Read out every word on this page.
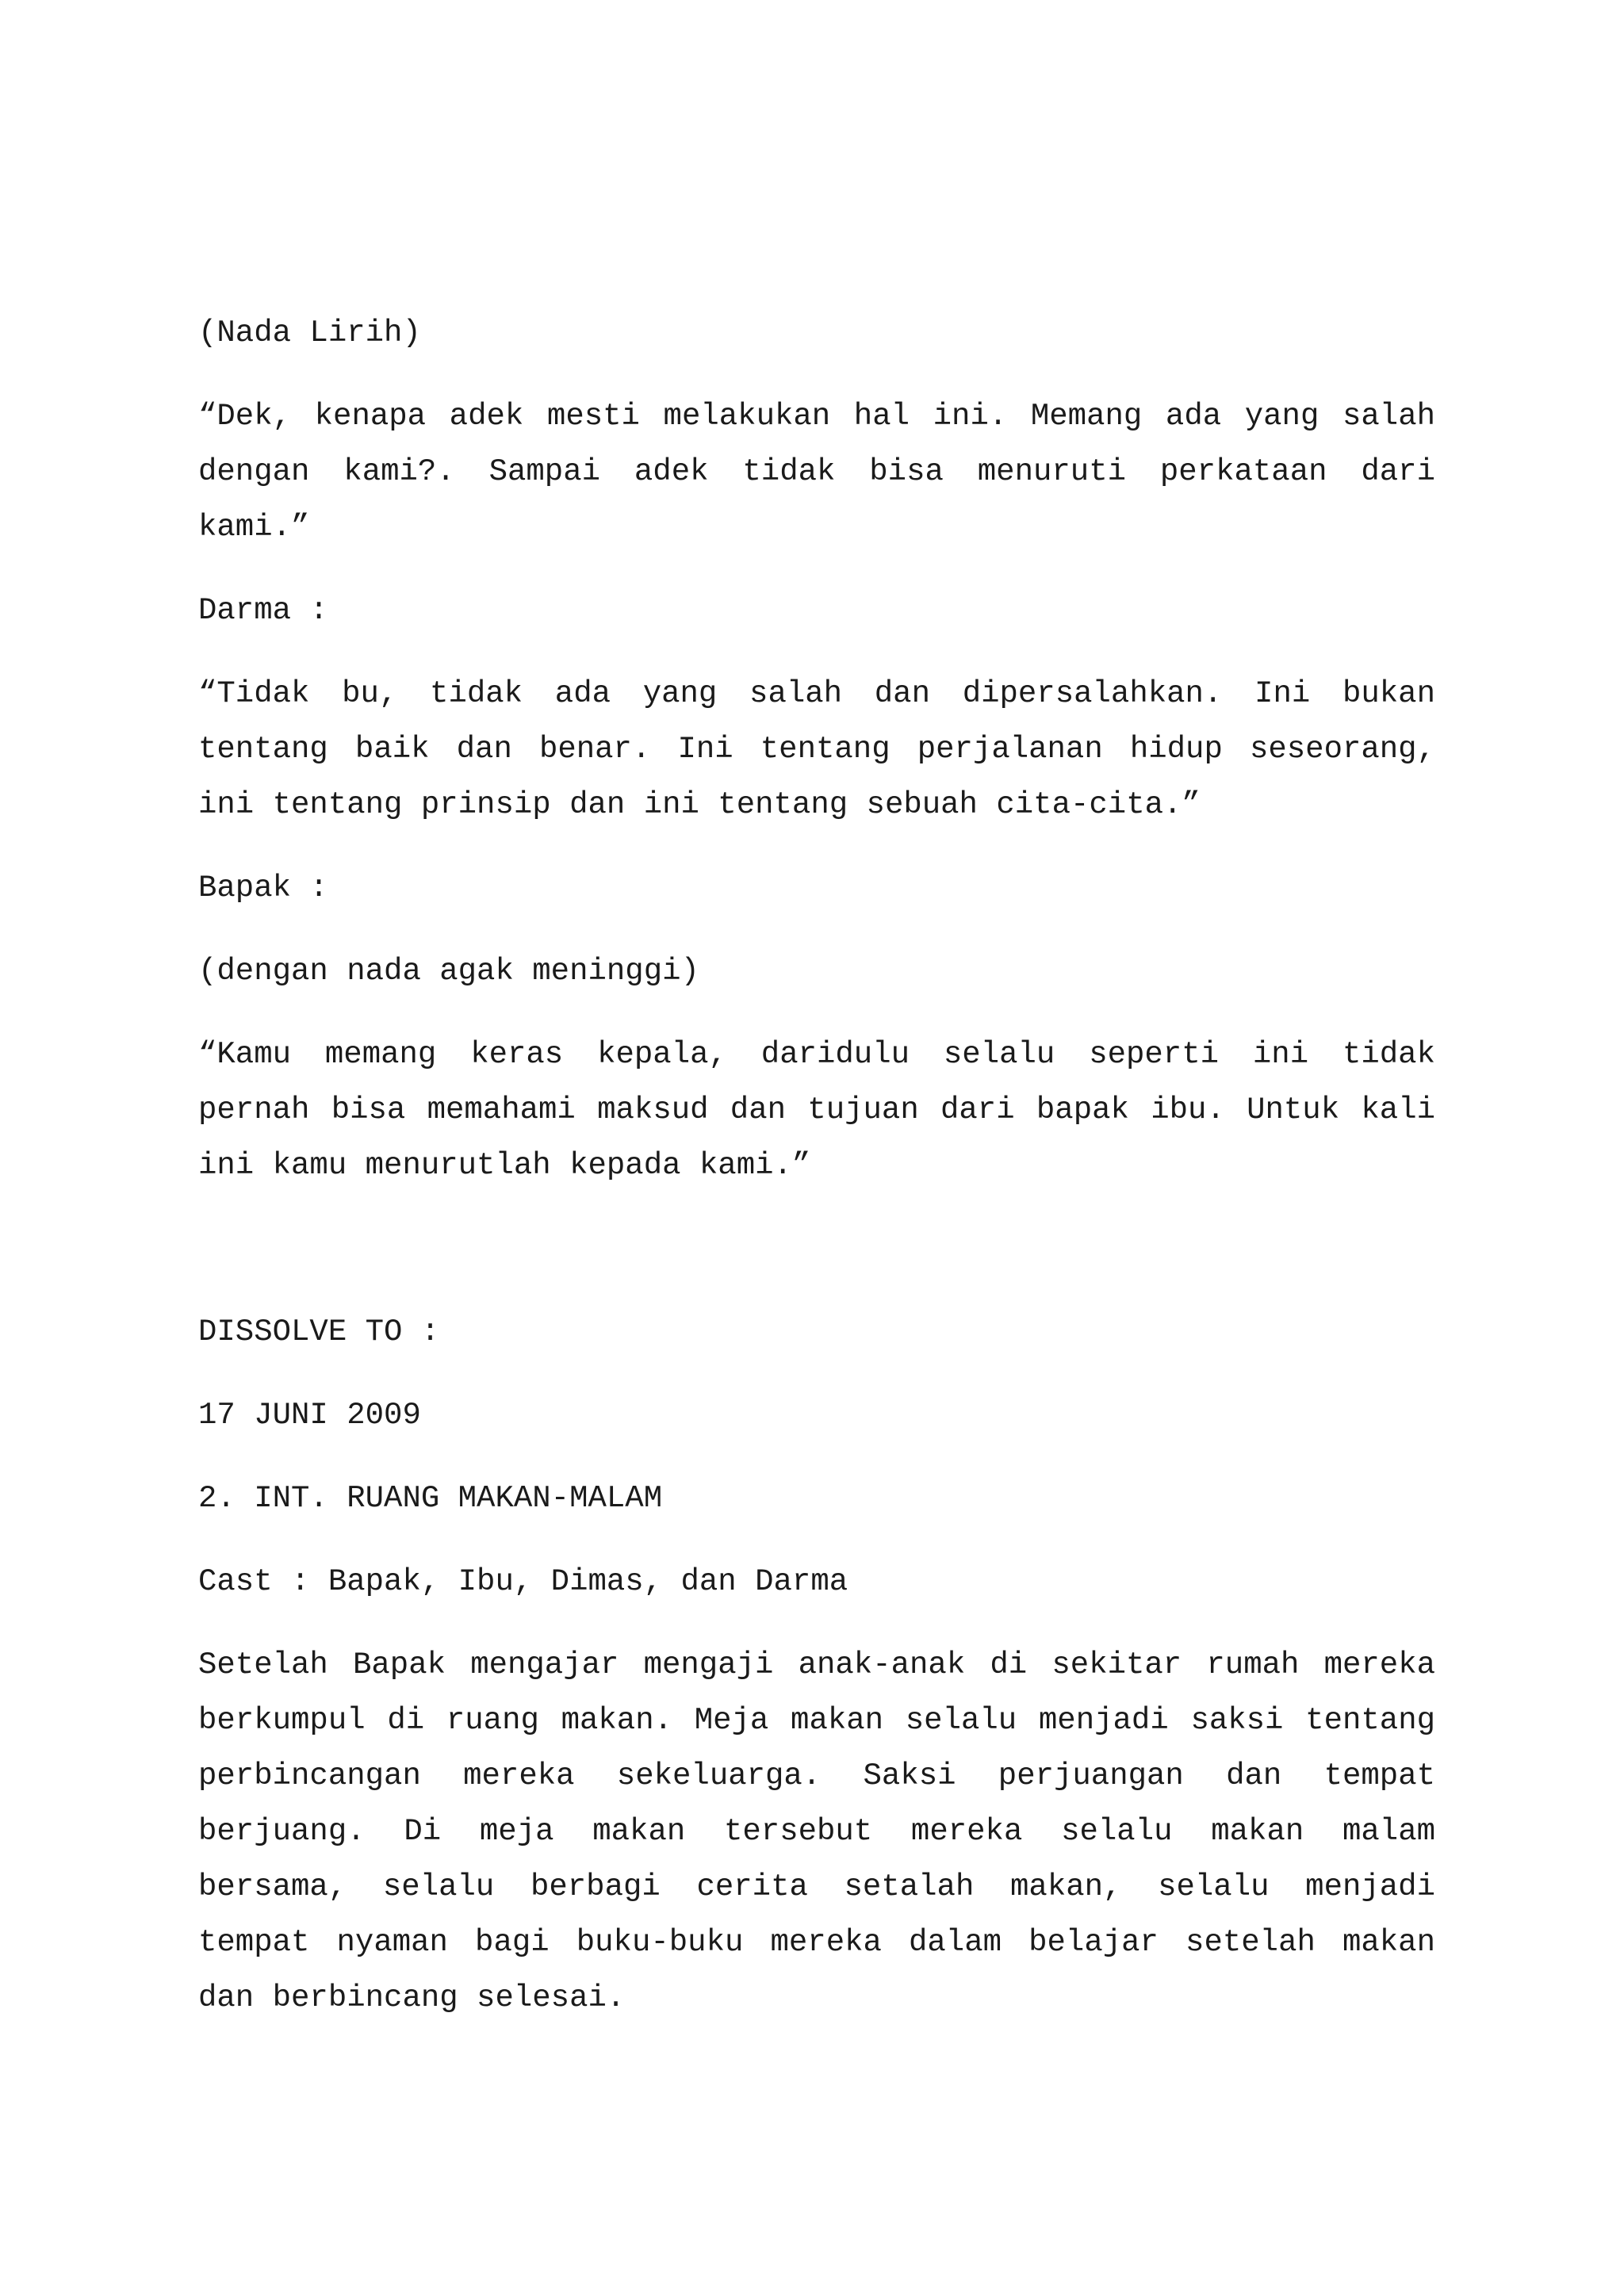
(Nada Lirih)

“Dek, kenapa adek mesti melakukan hal ini. Memang ada yang salah dengan kami?. Sampai adek tidak bisa menuruti perkataan dari kami.”

Darma :

“Tidak bu, tidak ada yang salah dan dipersalahkan. Ini bukan tentang baik dan benar. Ini tentang perjalanan hidup seseorang, ini tentang prinsip dan ini tentang sebuah cita-cita.”

Bapak :

(dengan nada agak meninggi)

“Kamu memang keras kepala, daridulu selalu seperti ini tidak pernah bisa memahami maksud dan tujuan dari bapak ibu. Untuk kali ini kamu menurutlah kepada kami.”

DISSOLVE TO :

17 JUNI 2009

2. INT. RUANG MAKAN-MALAM

Cast : Bapak, Ibu, Dimas, dan Darma

Setelah Bapak mengajar mengaji anak-anak di sekitar rumah mereka berkumpul di ruang makan. Meja makan selalu menjadi saksi tentang perbincangan mereka sekeluarga. Saksi perjuangan dan tempat berjuang. Di meja makan tersebut mereka selalu makan malam bersama, selalu berbagi cerita setalah makan, selalu menjadi tempat nyaman bagi buku-buku mereka dalam belajar setelah makan dan berbincang selesai.
